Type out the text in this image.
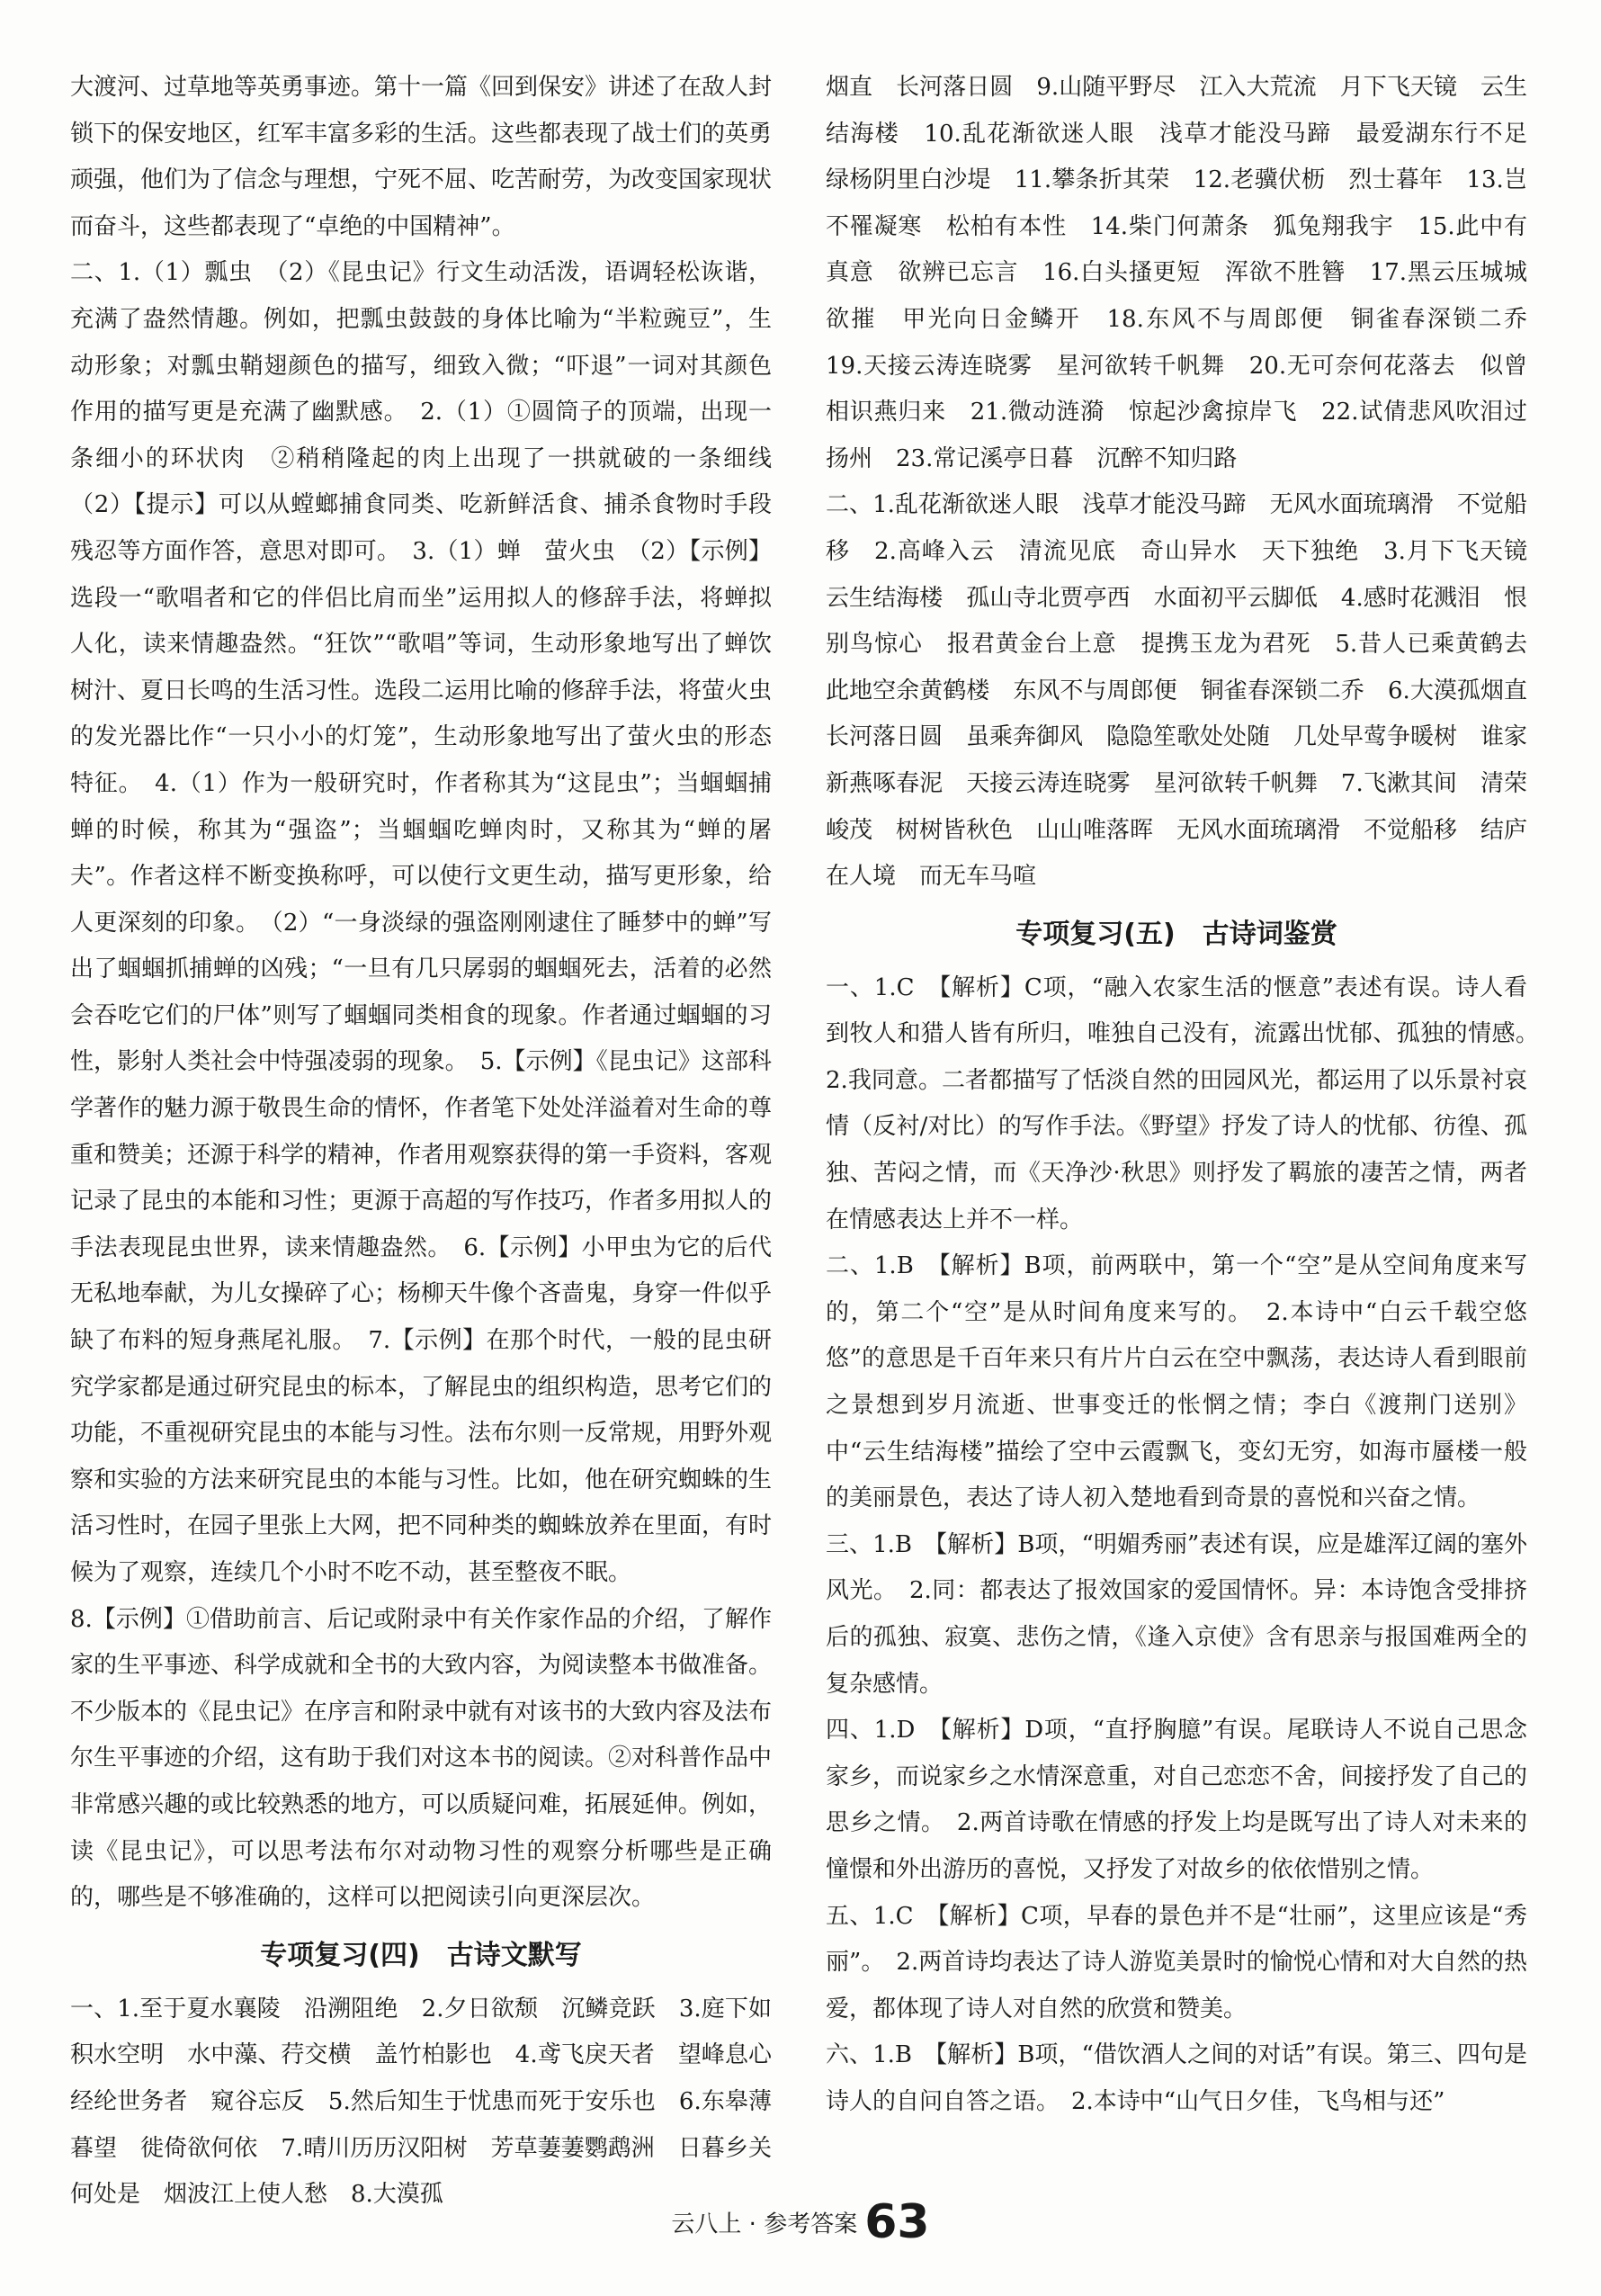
大渡河、过草地等英勇事迹。第十一篇《回到保安》讲述了在敌人封锁下的保安地区，红军丰富多彩的生活。这些都表现了战士们的英勇顽强，他们为了信念与理想，宁死不屈、吃苦耐劳，为改变国家现状而奋斗，这些都表现了“卓绝的中国精神”。

二、1.（1）瓢虫　（2）《昆虫记》行文生动活泼，语调轻松诙谐，充满了盎然情趣。例如，把瓢虫鼓鼓的身体比喻为“半粒豌豆”，生动形象；对瓢虫鞘翅颜色的描写，细致入微；“吓退”一词对其颜色作用的描写更是充满了幽默感。　2.（1）①圆筒子的顶端，出现一条细小的环状肉　②稍稍隆起的肉上出现了一拱就破的一条细线　（2）【提示】可以从螳螂捕食同类、吃新鲜活食、捕杀食物时手段残忍等方面作答，意思对即可。　3.（1）蝉　萤火虫　（2）【示例】选段一“歌唱者和它的伴侣比肩而坐”运用拟人的修辞手法，将蝉拟人化，读来情趣盎然。“狂饮”“歌唱”等词，生动形象地写出了蝉饮树汁、夏日长鸣的生活习性。选段二运用比喻的修辞手法，将萤火虫的发光器比作“一只小小的灯笼”，生动形象地写出了萤火虫的形态特征。　4.（1）作为一般研究时，作者称其为“这昆虫”；当蝈蝈捕蝉的时候，称其为“强盗”；当蝈蝈吃蝉肉时，又称其为“蝉的屠夫”。作者这样不断变换称呼，可以使行文更生动，描写更形象，给人更深刻的印象。　（2）“一身淡绿的强盗刚刚逮住了睡梦中的蝉”写出了蝈蝈抓捕蝉的凶残；“一旦有几只孱弱的蝈蝈死去，活着的必然会吞吃它们的尸体”则写了蝈蝈同类相食的现象。作者通过蝈蝈的习性，影射人类社会中恃强凌弱的现象。　5.【示例】《昆虫记》这部科学著作的魅力源于敬畏生命的情怀，作者笔下处处洋溢着对生命的尊重和赞美；还源于科学的精神，作者用观察获得的第一手资料，客观记录了昆虫的本能和习性；更源于高超的写作技巧，作者多用拟人的手法表现昆虫世界，读来情趣盎然。　6.【示例】小甲虫为它的后代无私地奉献，为儿女操碎了心；杨柳天牛像个吝啬鬼，身穿一件似乎缺了布料的短身燕尾礼服。　7.【示例】在那个时代，一般的昆虫研究学家都是通过研究昆虫的标本，了解昆虫的组织构造，思考它们的功能，不重视研究昆虫的本能与习性。法布尔则一反常规，用野外观察和实验的方法来研究昆虫的本能与习性。比如，他在研究蜘蛛的生活习性时，在园子里张上大网，把不同种类的蜘蛛放养在里面，有时候为了观察，连续几个小时不吃不动，甚至整夜不眠。

8.【示例】①借助前言、后记或附录中有关作家作品的介绍，了解作家的生平事迹、科学成就和全书的大致内容，为阅读整本书做准备。不少版本的《昆虫记》在序言和附录中就有对该书的大致内容及法布尔生平事迹的介绍，这有助于我们对这本书的阅读。②对科普作品中非常感兴趣的或比较熟悉的地方，可以质疑问难，拓展延伸。例如，读《昆虫记》，可以思考法布尔对动物习性的观察分析哪些是正确的，哪些是不够准确的，这样可以把阅读引向更深层次。

专项复习(四)　古诗文默写

一、1.至于夏水襄陵　沿溯阻绝　2.夕日欲颓　沉鳞竞跃　3.庭下如积水空明　水中藻、荇交横　盖竹柏影也　4.鸢飞戾天者　望峰息心　经纶世务者　窥谷忘反　5.然后知生于忧患而死于安乐也　6.东皋薄暮望　徙倚欲何依　7.晴川历历汉阳树　芳草萋萋鹦鹉洲　日暮乡关何处是　烟波江上使人愁　8.大漠孤

烟直　长河落日圆　9.山随平野尽　江入大荒流　月下飞天镜　云生结海楼　10.乱花渐欲迷人眼　浅草才能没马蹄　最爱湖东行不足　绿杨阴里白沙堤　11.攀条折其荣　12.老骥伏枥　烈士暮年　13.岂不罹凝寒　松柏有本性　14.柴门何萧条　狐兔翔我宇　15.此中有真意　欲辨已忘言　16.白头搔更短　浑欲不胜簪　17.黑云压城城欲摧　甲光向日金鳞开　18.东风不与周郎便　铜雀春深锁二乔　19.天接云涛连晓雾　星河欲转千帆舞　20.无可奈何花落去　似曾相识燕归来　21.微动涟漪　惊起沙禽掠岸飞　22.试倩悲风吹泪过扬州　23.常记溪亭日暮　沉醉不知归路

二、1.乱花渐欲迷人眼　浅草才能没马蹄　无风水面琉璃滑　不觉船移　2.高峰入云　清流见底　奇山异水　天下独绝　3.月下飞天镜　云生结海楼　孤山寺北贾亭西　水面初平云脚低　4.感时花溅泪　恨别鸟惊心　报君黄金台上意　提携玉龙为君死　5.昔人已乘黄鹤去　此地空余黄鹤楼　东风不与周郎便　铜雀春深锁二乔　6.大漠孤烟直　长河落日圆　虽乘奔御风　隐隐笙歌处处随　几处早莺争暖树　谁家新燕啄春泥　天接云涛连晓雾　星河欲转千帆舞　7.飞漱其间　清荣峻茂　树树皆秋色　山山唯落晖　无风水面琉璃滑　不觉船移　结庐在人境　而无车马喧

专项复习(五)　古诗词鉴赏

一、1.C　【解析】C项，“融入农家生活的惬意”表述有误。诗人看到牧人和猎人皆有所归，唯独自己没有，流露出忧郁、孤独的情感。　2.我同意。二者都描写了恬淡自然的田园风光，都运用了以乐景衬哀情（反衬/对比）的写作手法。《野望》抒发了诗人的忧郁、彷徨、孤独、苦闷之情，而《天净沙·秋思》则抒发了羁旅的凄苦之情，两者在情感表达上并不一样。

二、1.B　【解析】B项，前两联中，第一个“空”是从空间角度来写的，第二个“空”是从时间角度来写的。　2.本诗中“白云千载空悠悠”的意思是千百年来只有片片白云在空中飘荡，表达诗人看到眼前之景想到岁月流逝、世事变迁的怅惘之情；李白《渡荆门送别》中“云生结海楼”描绘了空中云霞飘飞，变幻无穷，如海市蜃楼一般的美丽景色，表达了诗人初入楚地看到奇景的喜悦和兴奋之情。

三、1.B　【解析】B项，“明媚秀丽”表述有误，应是雄浑辽阔的塞外风光。　2.同：都表达了报效国家的爱国情怀。异：本诗饱含受排挤后的孤独、寂寞、悲伤之情，《逢入京使》含有思亲与报国难两全的复杂感情。

四、1.D　【解析】D项，“直抒胸臆”有误。尾联诗人不说自己思念家乡，而说家乡之水情深意重，对自己恋恋不舍，间接抒发了自己的思乡之情。　2.两首诗歌在情感的抒发上均是既写出了诗人对未来的憧憬和外出游历的喜悦，又抒发了对故乡的依依惜别之情。

五、1.C　【解析】C项，早春的景色并不是“壮丽”，这里应该是“秀丽”。　2.两首诗均表达了诗人游览美景时的愉悦心情和对大自然的热爱，都体现了诗人对自然的欣赏和赞美。

六、1.B　【解析】B项，“借饮酒人之间的对话”有误。第三、四句是诗人的自问自答之语。　2.本诗中“山气日夕佳，飞鸟相与还”

云八上 · 参考答案 63
